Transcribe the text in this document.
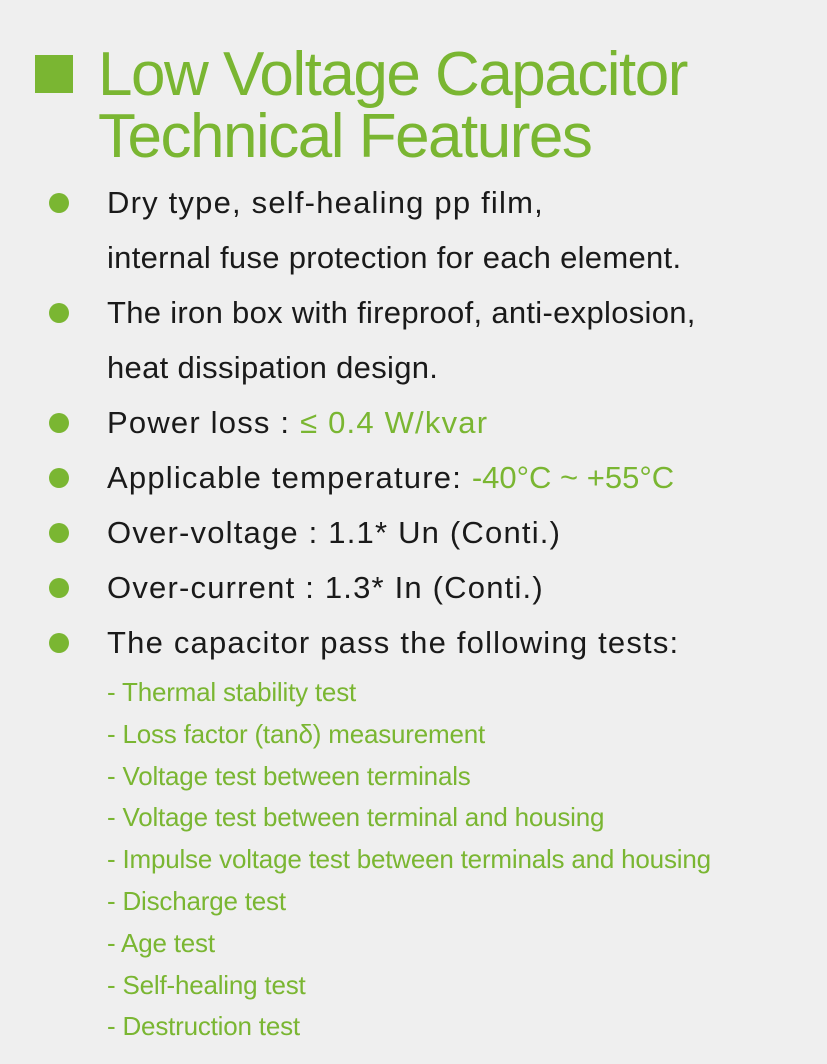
Low Voltage Capacitor
Technical Features
Dry type, self-healing pp film,
internal fuse protection for each element.
The iron box with fireproof, anti-explosion,
heat dissipation design.
Power loss : ≤ 0.4 W/kvar
Applicable temperature: -40°C ~ +55°C
Over-voltage : 1.1* Un (Conti.)
Over-current : 1.3* In (Conti.)
The capacitor pass the following tests:
- Thermal stability test
- Loss factor (tanδ) measurement
- Voltage test between terminals
- Voltage test between terminal and housing
- Impulse voltage test between terminals and housing
- Discharge test
- Age test
- Self-healing test
- Destruction test
